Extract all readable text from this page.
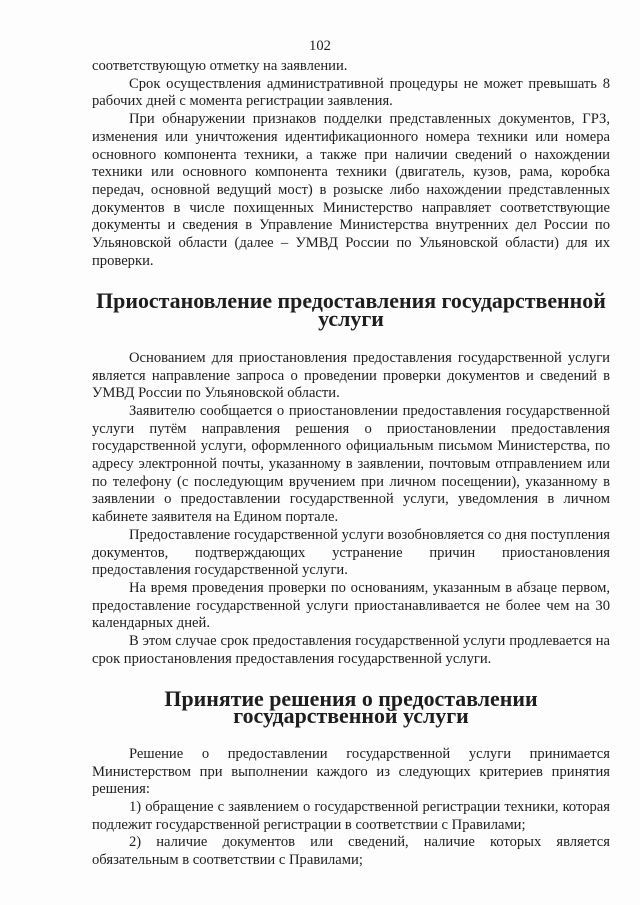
102

соответствующую отметку на заявлении.

Срок осуществления административной процедуры не может превышать 8 рабочих дней с момента регистрации заявления.

При обнаружении признаков подделки представленных документов, ГРЗ, изменения или уничтожения идентификационного номера техники или номера основного компонента техники, а также при наличии сведений о нахождении техники или основного компонента техники (двигатель, кузов, рама, коробка передач, основной ведущий мост) в розыске либо нахождении представленных документов в числе похищенных Министерство направляет соответствующие документы и сведения в Управление Министерства внутренних дел России по Ульяновской области (далее – УМВД России по Ульяновской области) для их проверки.

Приостановление предоставления государственной услуги

Основанием для приостановления предоставления государственной услуги является направление запроса о проведении проверки документов и сведений в УМВД России по Ульяновской области.

Заявителю сообщается о приостановлении предоставления государственной услуги путём направления решения о приостановлении предоставления государственной услуги, оформленного официальным письмом Министерства, по адресу электронной почты, указанному в заявлении, почтовым отправлением или по телефону (с последующим вручением при личном посещении), указанному в заявлении о предоставлении государственной услуги, уведомления в личном кабинете заявителя на Едином портале.

Предоставление государственной услуги возобновляется со дня поступления документов, подтверждающих устранение причин приостановления предоставления государственной услуги.

На время проведения проверки по основаниям, указанным в абзаце первом, предоставление государственной услуги приостанавливается не более чем на 30 календарных дней.

В этом случае срок предоставления государственной услуги продлевается на срок приостановления предоставления государственной услуги.

Принятие решения о предоставлении государственной услуги

Решение о предоставлении государственной услуги принимается Министерством при выполнении каждого из следующих критериев принятия решения:

1) обращение с заявлением о государственной регистрации техники, которая подлежит государственной регистрации в соответствии с Правилами;

2) наличие документов или сведений, наличие которых является обязательным в соответствии с Правилами;
